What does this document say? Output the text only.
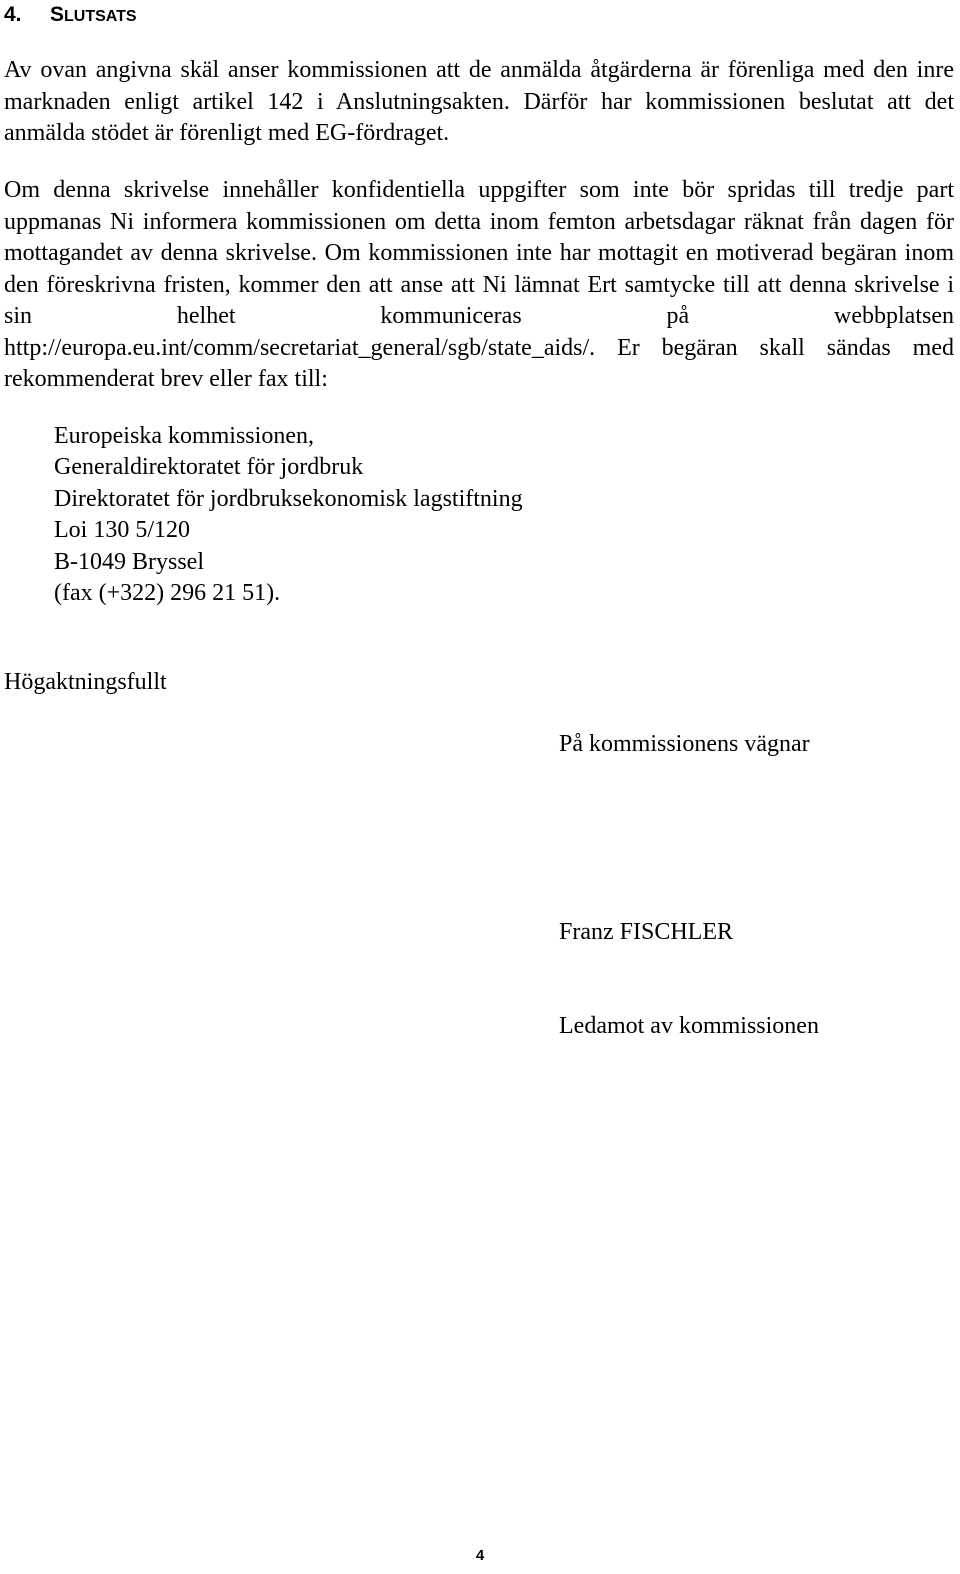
4. SLUTSATS

Av ovan angivna skäl anser kommissionen att de anmälda åtgärderna är förenliga med den inre marknaden enligt artikel 142 i Anslutningsakten. Därför har kommissionen beslutat att det anmälda stödet är förenligt med EG-fördraget.

Om denna skrivelse innehåller konfidentiella uppgifter som inte bör spridas till tredje part uppmanas Ni informera kommissionen om detta inom femton arbetsdagar räknat från dagen för mottagandet av denna skrivelse. Om kommissionen inte har mottagit en motiverad begäran inom den föreskrivna fristen, kommer den att anse att Ni lämnat Ert samtycke till att denna skrivelse i sin helhet kommuniceras på webbplatsen http://europa.eu.int/comm/secretariat_general/sgb/state_aids/. Er begäran skall sändas med rekommenderat brev eller fax till:

Europeiska kommissionen,
Generaldirektoratet för jordbruk
Direktoratet för jordbruksekonomisk lagstiftning
Loi 130 5/120
B-1049 Bryssel
(fax (+322) 296 21 51).

Högaktningsfullt

På kommissionens vägnar

Franz FISCHLER

Ledamot av kommissionen

4
